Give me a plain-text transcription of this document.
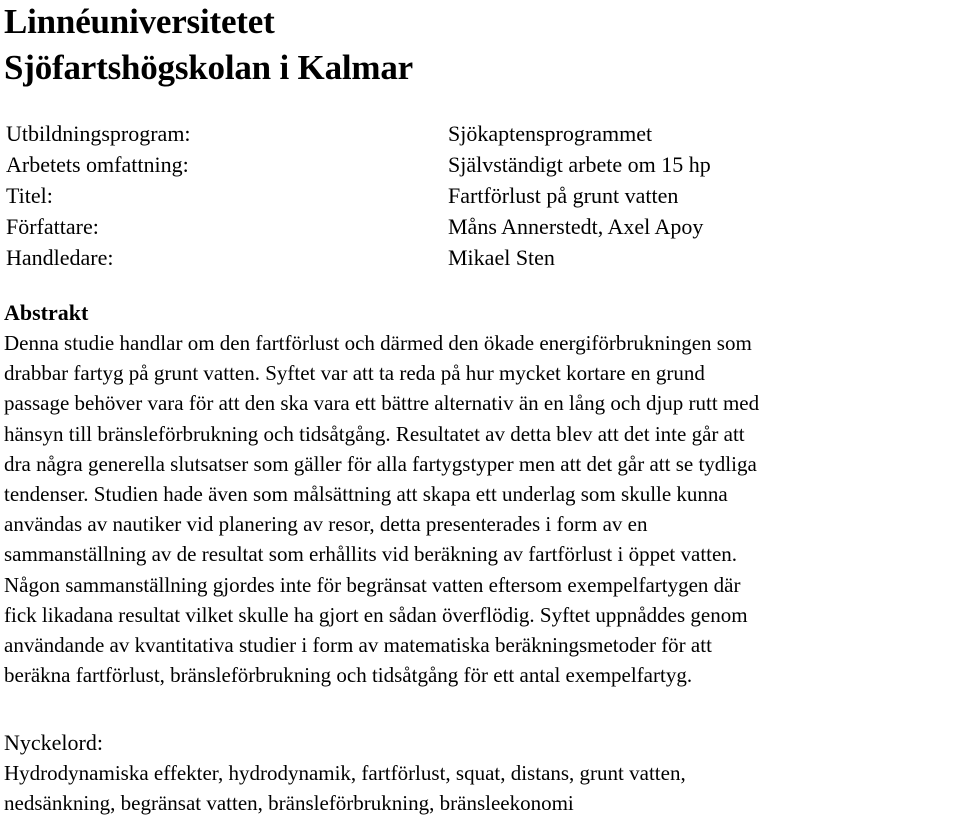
Linnéuniversitetet
Sjöfartshögskolan i Kalmar
Utbildningsprogram:	Sjökaptensprogrammet
Arbetets omfattning:	Självständigt arbete om 15 hp
Titel:	Fartförlust på grunt vatten
Författare:	Måns Annerstedt, Axel Apoy
Handledare:	Mikael Sten
Abstrakt
Denna studie handlar om den fartförlust och därmed den ökade energiförbrukningen som
drabbar fartyg på grunt vatten. Syftet var att ta reda på hur mycket kortare en grund
passage behöver vara för att den ska vara ett bättre alternativ än en lång och djup rutt med
hänsyn till bränsleförbrukning och tidsåtgång. Resultatet av detta blev att det inte går att
dra några generella slutsatser som gäller för alla fartygstyper men att det går att se tydliga
tendenser. Studien hade även som målsättning att skapa ett underlag som skulle kunna
användas av nautiker vid planering av resor, detta presenterades i form av en
sammanställning av de resultat som erhållits vid beräkning av fartförlust i öppet vatten.
Någon sammanställning gjordes inte för begränsat vatten eftersom exempelfartygen där
fick likadana resultat vilket skulle ha gjort en sådan överflödig. Syftet uppnåddes genom
användande av kvantitativa studier i form av matematiska beräkningsmetoder för att
beräkna fartförlust, bränsleförbrukning och tidsåtgång för ett antal exempelfartyg.
Nyckelord:
Hydrodynamiska effekter, hydrodynamik, fartförlust, squat, distans, grunt vatten,
nedsänkning, begränsat vatten, bränsleförbrukning, bränsleekonomi
